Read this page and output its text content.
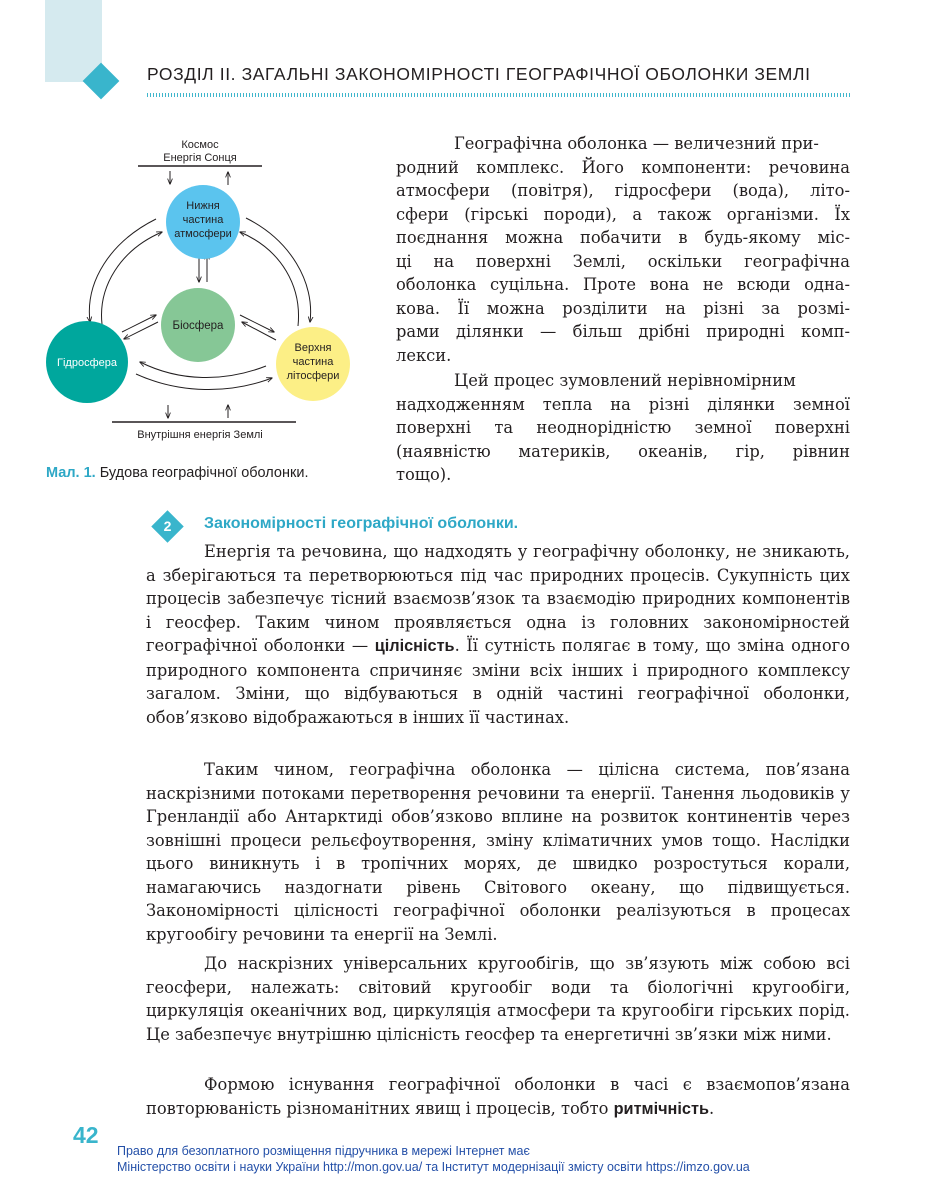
РОЗДІЛ ІІ. ЗАГАЛЬНІ ЗАКОНОМІРНОСТІ ГЕОГРАФІЧНОЇ ОБОЛОНКИ ЗЕМЛІ
Космос
Енергія Сонця
Нижня
частина
атмосфери
Біосфера
Гідросфера
Верхня
частина
літосфери
Внутрішня енергія Землі
Мал. 1. Будова географічної оболонки.
Географічна оболонка — величезний при-
родний комплекс. Його компоненти: речовина
атмосфери (повітря), гідросфери (вода), літо-
сфери (гірські породи), а також організми. Їх
поєднання можна побачити в будь-якому міс-
ці на поверхні Землі, оскільки географічна
оболонка суцільна. Проте вона не всюди одна-
кова. Її можна розділити на різні за розмі-
рами ділянки — більш дрібні природні комп-
лекси.
Цей процес зумовлений нерівномірним
надходженням тепла на різні ділянки земної
поверхні та неоднорідністю земної поверхні
(наявністю материків, океанів, гір, рівнин
тощо).
2	Закономірності географічної оболонки.

Енергія та речовина, що надходять у географічну оболонку, не зникають, а зберігаються та перетворюються під час природних процесів. Сукупність цих процесів забезпечує тісний взаємозв’язок та взаємодію природних компонентів і геосфер. Таким чином проявляється одна із головних закономірностей географічної оболонки — цілісність. Її сутність полягає в тому, що зміна одного природного компонента спричиняє зміни всіх інших і природного комплексу загалом. Зміни, що відбуваються в одній частині географічної оболонки, обов’язково відображаються в інших її частинах.

Таким чином, географічна оболонка — цілісна система, пов’язана наскрізними потоками перетворення речовини та енергії. Танення льодовиків у Гренландії або Антарктиді обов’язково вплине на розвиток континентів через зовнішні процеси рельєфоутворення, зміну кліматичних умов тощо. Наслідки цього виникнуть і в тропічних морях, де швидко розростуться корали, намагаючись наздогнати рівень Світового океану, що підвищується. Закономірності цілісності географічної оболонки реалізуються в процесах кругообігу речовини та енергії на Землі.

До наскрізних універсальних кругообігів, що зв’язують між собою всі геосфери, належать: світовий кругообіг води та біологічні кругообіги, циркуляція океанічних вод, циркуляція атмосфери та кругообіги гірських порід. Це забезпечує внутрішню цілісність геосфер та енергетичні зв’язки між ними.

Формою існування географічної оболонки в часі є взаємопов’язана повторюваність різноманітних явищ і процесів, тобто ритмічність.

42
Право для безоплатного розміщення підручника в мережі Інтернет має
Міністерство освіти і науки України http://mon.gov.ua/ та Інститут модернізації змісту освіти https://imzo.gov.ua
